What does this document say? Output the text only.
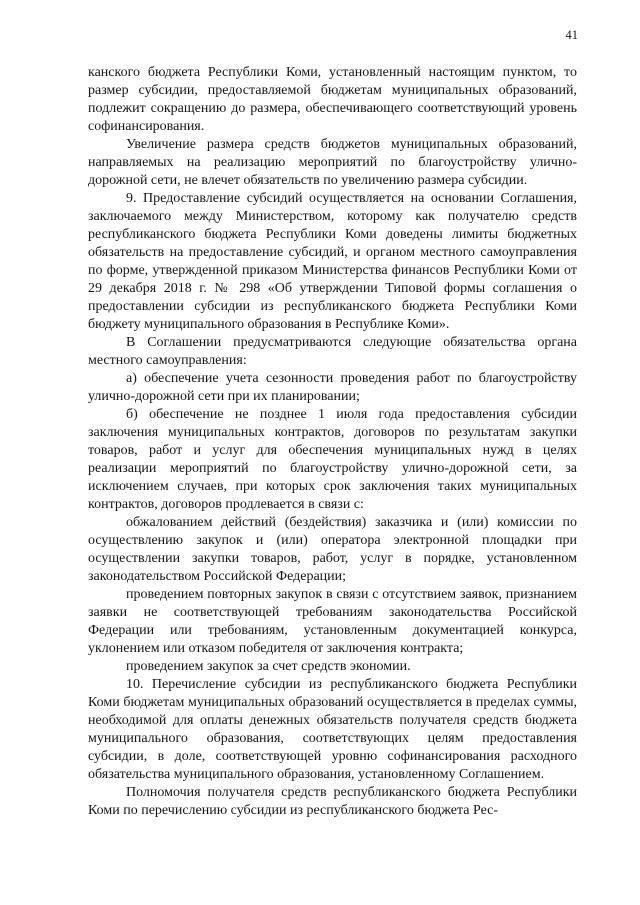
41

канского бюджета Республики Коми, установленный настоящим пунктом, то размер субсидии, предоставляемой бюджетам муниципальных образований, подлежит сокращению до размера, обеспечивающего соответствующий уровень софинансирования.

Увеличение размера средств бюджетов муниципальных образований, направляемых на реализацию мероприятий по благоустройству улично-дорожной сети, не влечет обязательств по увеличению размера субсидии.

9. Предоставление субсидий осуществляется на основании Соглашения, заключаемого между Министерством, которому как получателю средств республиканского бюджета Республики Коми доведены лимиты бюджетных обязательств на предоставление субсидий, и органом местного самоуправления по форме, утвержденной приказом Министерства финансов Республики Коми от 29 декабря 2018 г. № 298 «Об утверждении Типовой формы соглашения о предоставлении субсидии из республиканского бюджета Республики Коми бюджету муниципального образования в Республике Коми».

В Соглашении предусматриваются следующие обязательства органа местного самоуправления:

а) обеспечение учета сезонности проведения работ по благоустройству улично-дорожной сети при их планировании;

б) обеспечение не позднее 1 июля года предоставления субсидии заключения муниципальных контрактов, договоров по результатам закупки товаров, работ и услуг для обеспечения муниципальных нужд в целях реализации мероприятий по благоустройству улично-дорожной сети, за исключением случаев, при которых срок заключения таких муниципальных контрактов, договоров продлевается в связи с:

обжалованием действий (бездействия) заказчика и (или) комиссии по осуществлению закупок и (или) оператора электронной площадки при осуществлении закупки товаров, работ, услуг в порядке, установленном законодательством Российской Федерации;

проведением повторных закупок в связи с отсутствием заявок, признанием заявки не соответствующей требованиям законодательства Российской Федерации или требованиям, установленным документацией конкурса, уклонением или отказом победителя от заключения контракта;

проведением закупок за счет средств экономии.

10. Перечисление субсидии из республиканского бюджета Республики Коми бюджетам муниципальных образований осуществляется в пределах суммы, необходимой для оплаты денежных обязательств получателя средств бюджета муниципального образования, соответствующих целям предоставления субсидии, в доле, соответствующей уровню софинансирования расходного обязательства муниципального образования, установленному Соглашением.

Полномочия получателя средств республиканского бюджета Республики Коми по перечислению субсидии из республиканского бюджета Рес-
